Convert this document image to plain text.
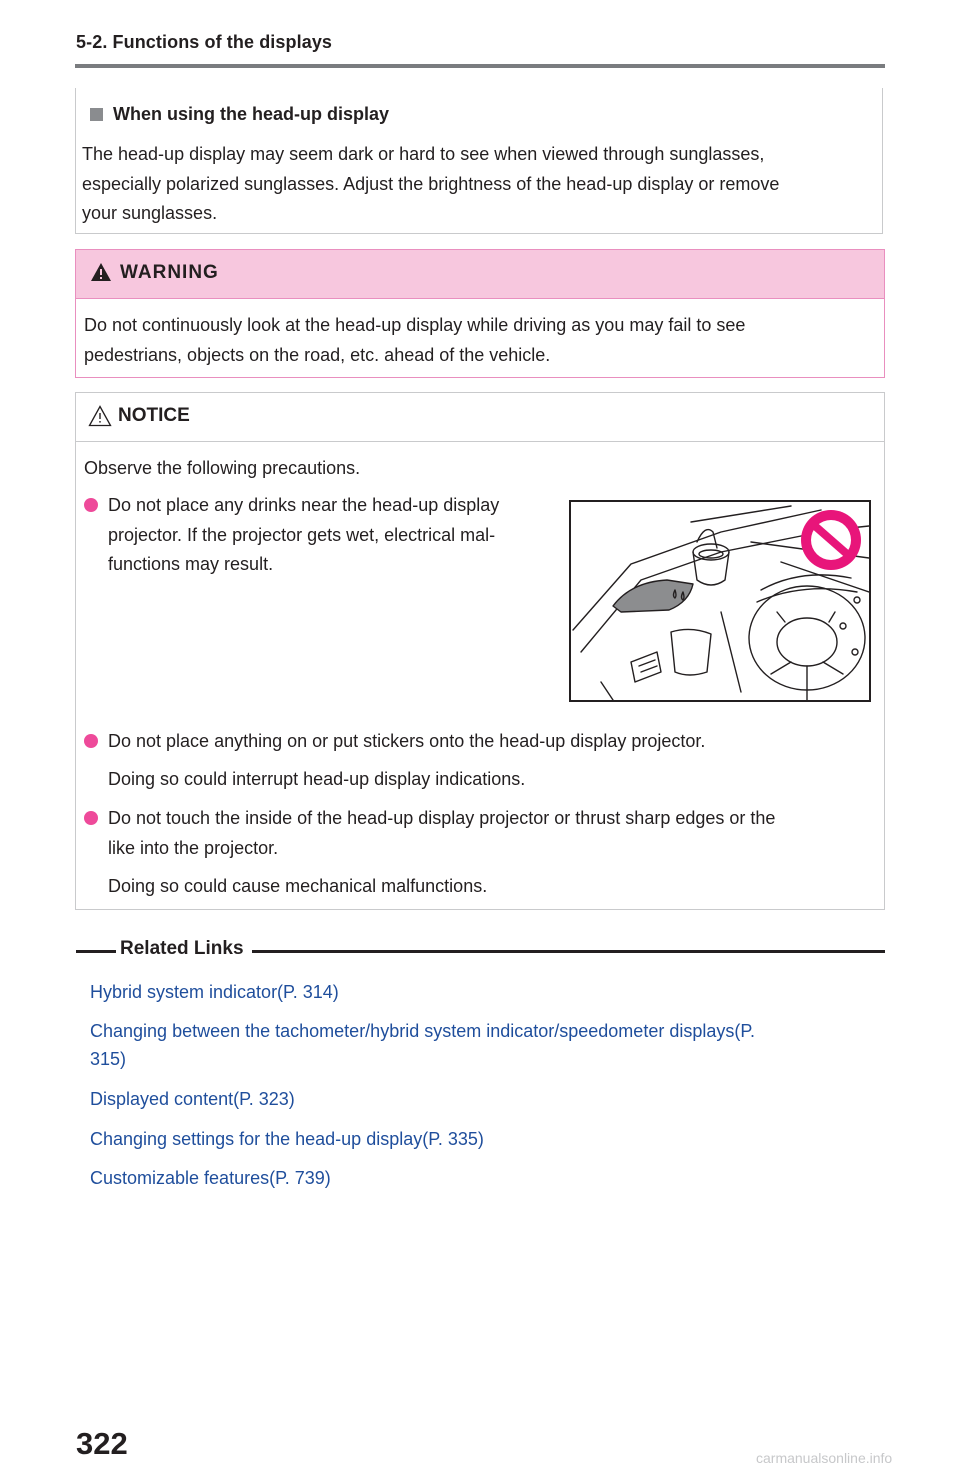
5-2. Functions of the displays
When using the head-up display
The head-up display may seem dark or hard to see when viewed through sunglasses,
especially polarized sunglasses. Adjust the brightness of the head-up display or remove
your sunglasses.
WARNING
Do not continuously look at the head-up display while driving as you may fail to see
pedestrians, objects on the road, etc. ahead of the vehicle.
NOTICE
Observe the following precautions.
Do not place any drinks near the head-up display
projector. If the projector gets wet, electrical mal-
functions may result.
Do not place anything on or put stickers onto the head-up display projector.
Doing so could interrupt head-up display indications.
Do not touch the inside of the head-up display projector or thrust sharp edges or the
like into the projector.
Doing so could cause mechanical malfunctions.
Related Links
Hybrid system indicator(P. 314)
Changing between the tachometer/hybrid system indicator/speedometer displays(P.
315)
Displayed content(P. 323)
Changing settings for the head-up display(P. 335)
Customizable features(P. 739)
322	carmanualsonline.info
